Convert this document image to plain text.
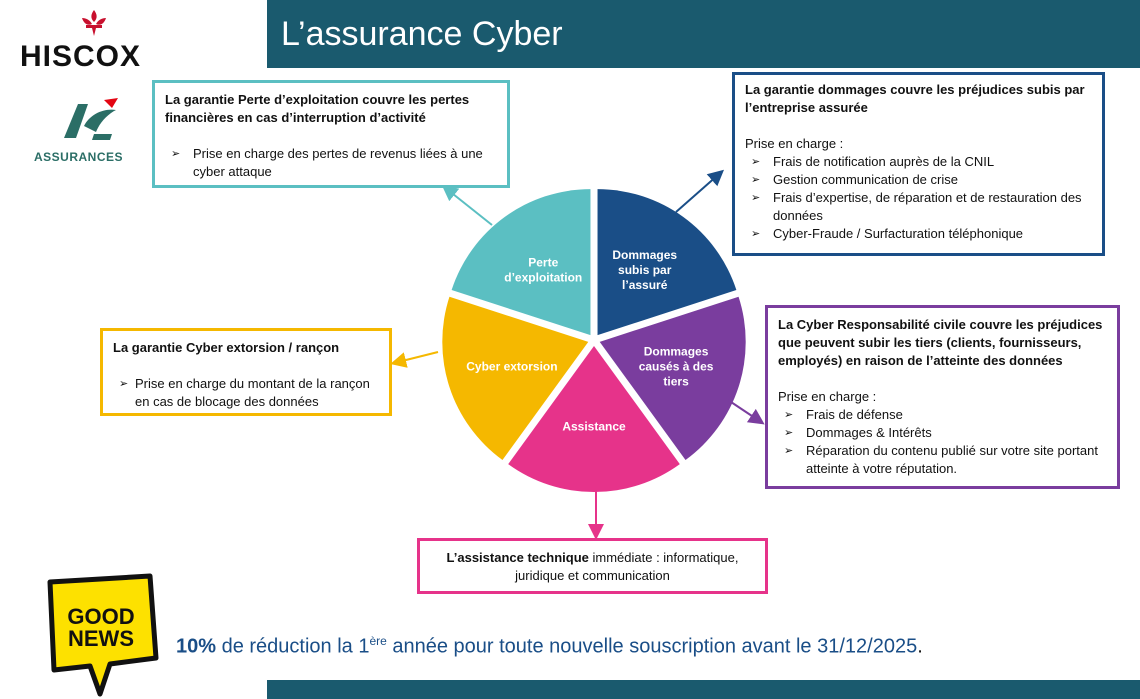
L’assurance Cyber
HISCOX
ASSURANCES
Perte
d’exploitation
Dommages
subis par
l’assuré
Dommages
causés à des
tiers
Assistance
Cyber extorsion
La garantie Perte d’exploitation couvre les pertes financières en cas d’interruption d’activité
➢ Prise en charge des pertes de revenus liées à une cyber attaque
La garantie dommages couvre les préjudices subis par l’entreprise assurée
Prise en charge :
➢ Frais de notification auprès de la CNIL
➢ Gestion communication de crise
➢ Frais d’expertise, de réparation et de restauration des données
➢ Cyber-Fraude / Surfacturation téléphonique
La garantie Cyber extorsion / rançon
➢ Prise en charge du montant de la rançon en cas de blocage des données
La Cyber Responsabilité civile couvre les préjudices que peuvent subir les tiers (clients, fournisseurs, employés) en raison de l’atteinte des données
Prise en charge :
➢ Frais de défense
➢ Dommages & Intérêts
➢ Réparation du contenu publié sur votre site portant atteinte à votre réputation.
L’assistance technique immédiate : informatique, juridique et communication
GOOD
NEWS 10% de réduction la 1ère année pour toute nouvelle souscription avant le 31/12/2025.
